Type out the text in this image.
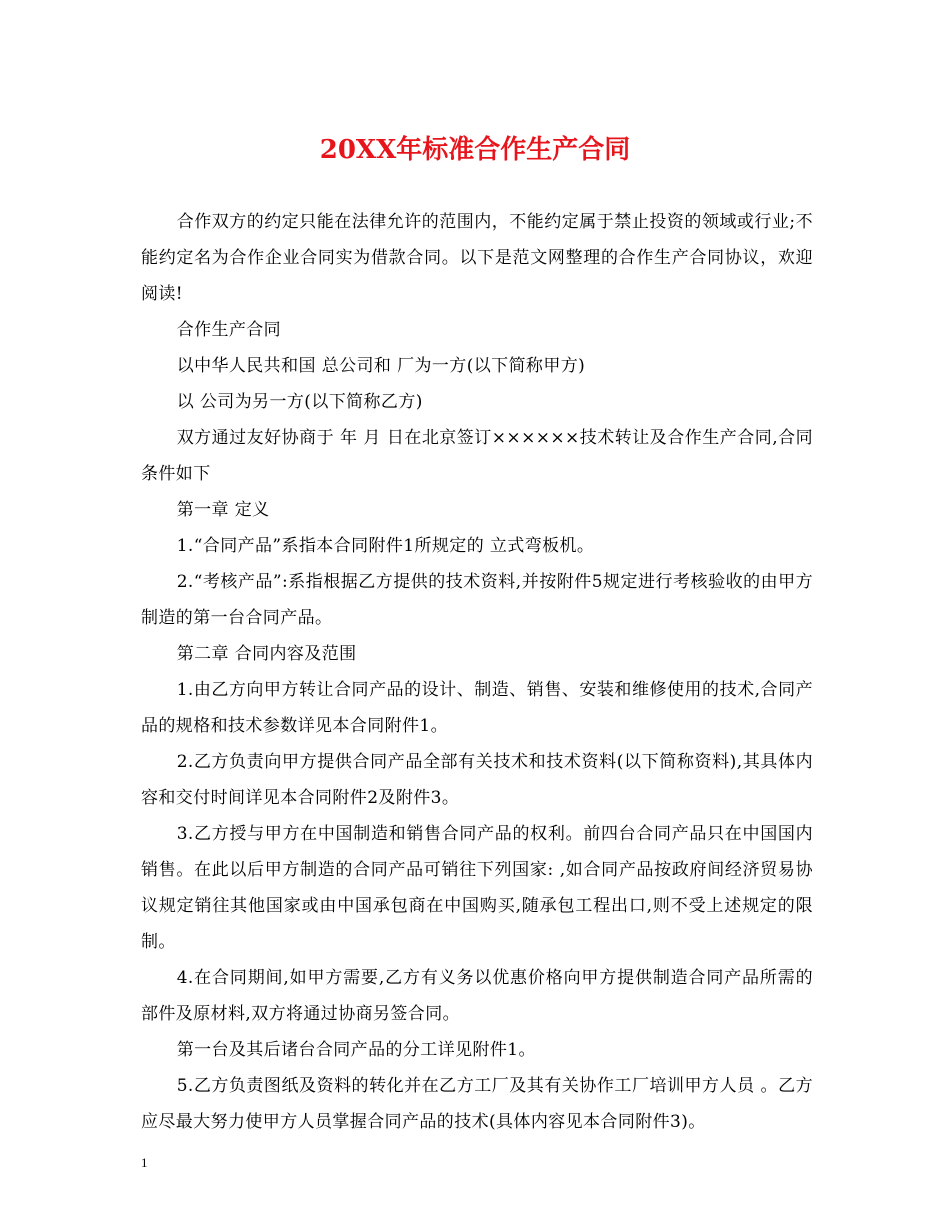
20XX年标准合作生产合同

合作双方的约定只能在法律允许的范围内，不能约定属于禁止投资的领域或行业;不能约定名为合作企业合同实为借款合同。以下是范文网整理的合作生产合同协议，欢迎阅读!

合作生产合同

以中华人民共和国 总公司和 厂为一方(以下简称甲方)

以 公司为另一方(以下简称乙方)

双方通过友好协商于 年 月 日在北京签订××××××技术转让及合作生产合同,合同条件如下

第一章 定义

1.“合同产品”系指本合同附件1所规定的 立式弯板机。

2.“考核产品”:系指根据乙方提供的技术资料,并按附件5规定进行考核验收的由甲方制造的第一台合同产品。

第二章 合同内容及范围

1.由乙方向甲方转让合同产品的设计、制造、销售、安装和维修使用的技术,合同产品的规格和技术参数详见本合同附件1。

2.乙方负责向甲方提供合同产品全部有关技术和技术资料(以下简称资料),其具体内容和交付时间详见本合同附件2及附件3。

3.乙方授与甲方在中国制造和销售合同产品的权利。前四台合同产品只在中国国内销售。在此以后甲方制造的合同产品可销往下列国家: ,如合同产品按政府间经济贸易协议规定销往其他国家或由中国承包商在中国购买,随承包工程出口,则不受上述规定的限制。

4.在合同期间,如甲方需要,乙方有义务以优惠价格向甲方提供制造合同产品所需的部件及原材料,双方将通过协商另签合同。

第一台及其后诸台合同产品的分工详见附件1。

5.乙方负责图纸及资料的转化并在乙方工厂及其有关协作工厂培训甲方人员 。乙方应尽最大努力使甲方人员掌握合同产品的技术(具体内容见本合同附件3)。

1
